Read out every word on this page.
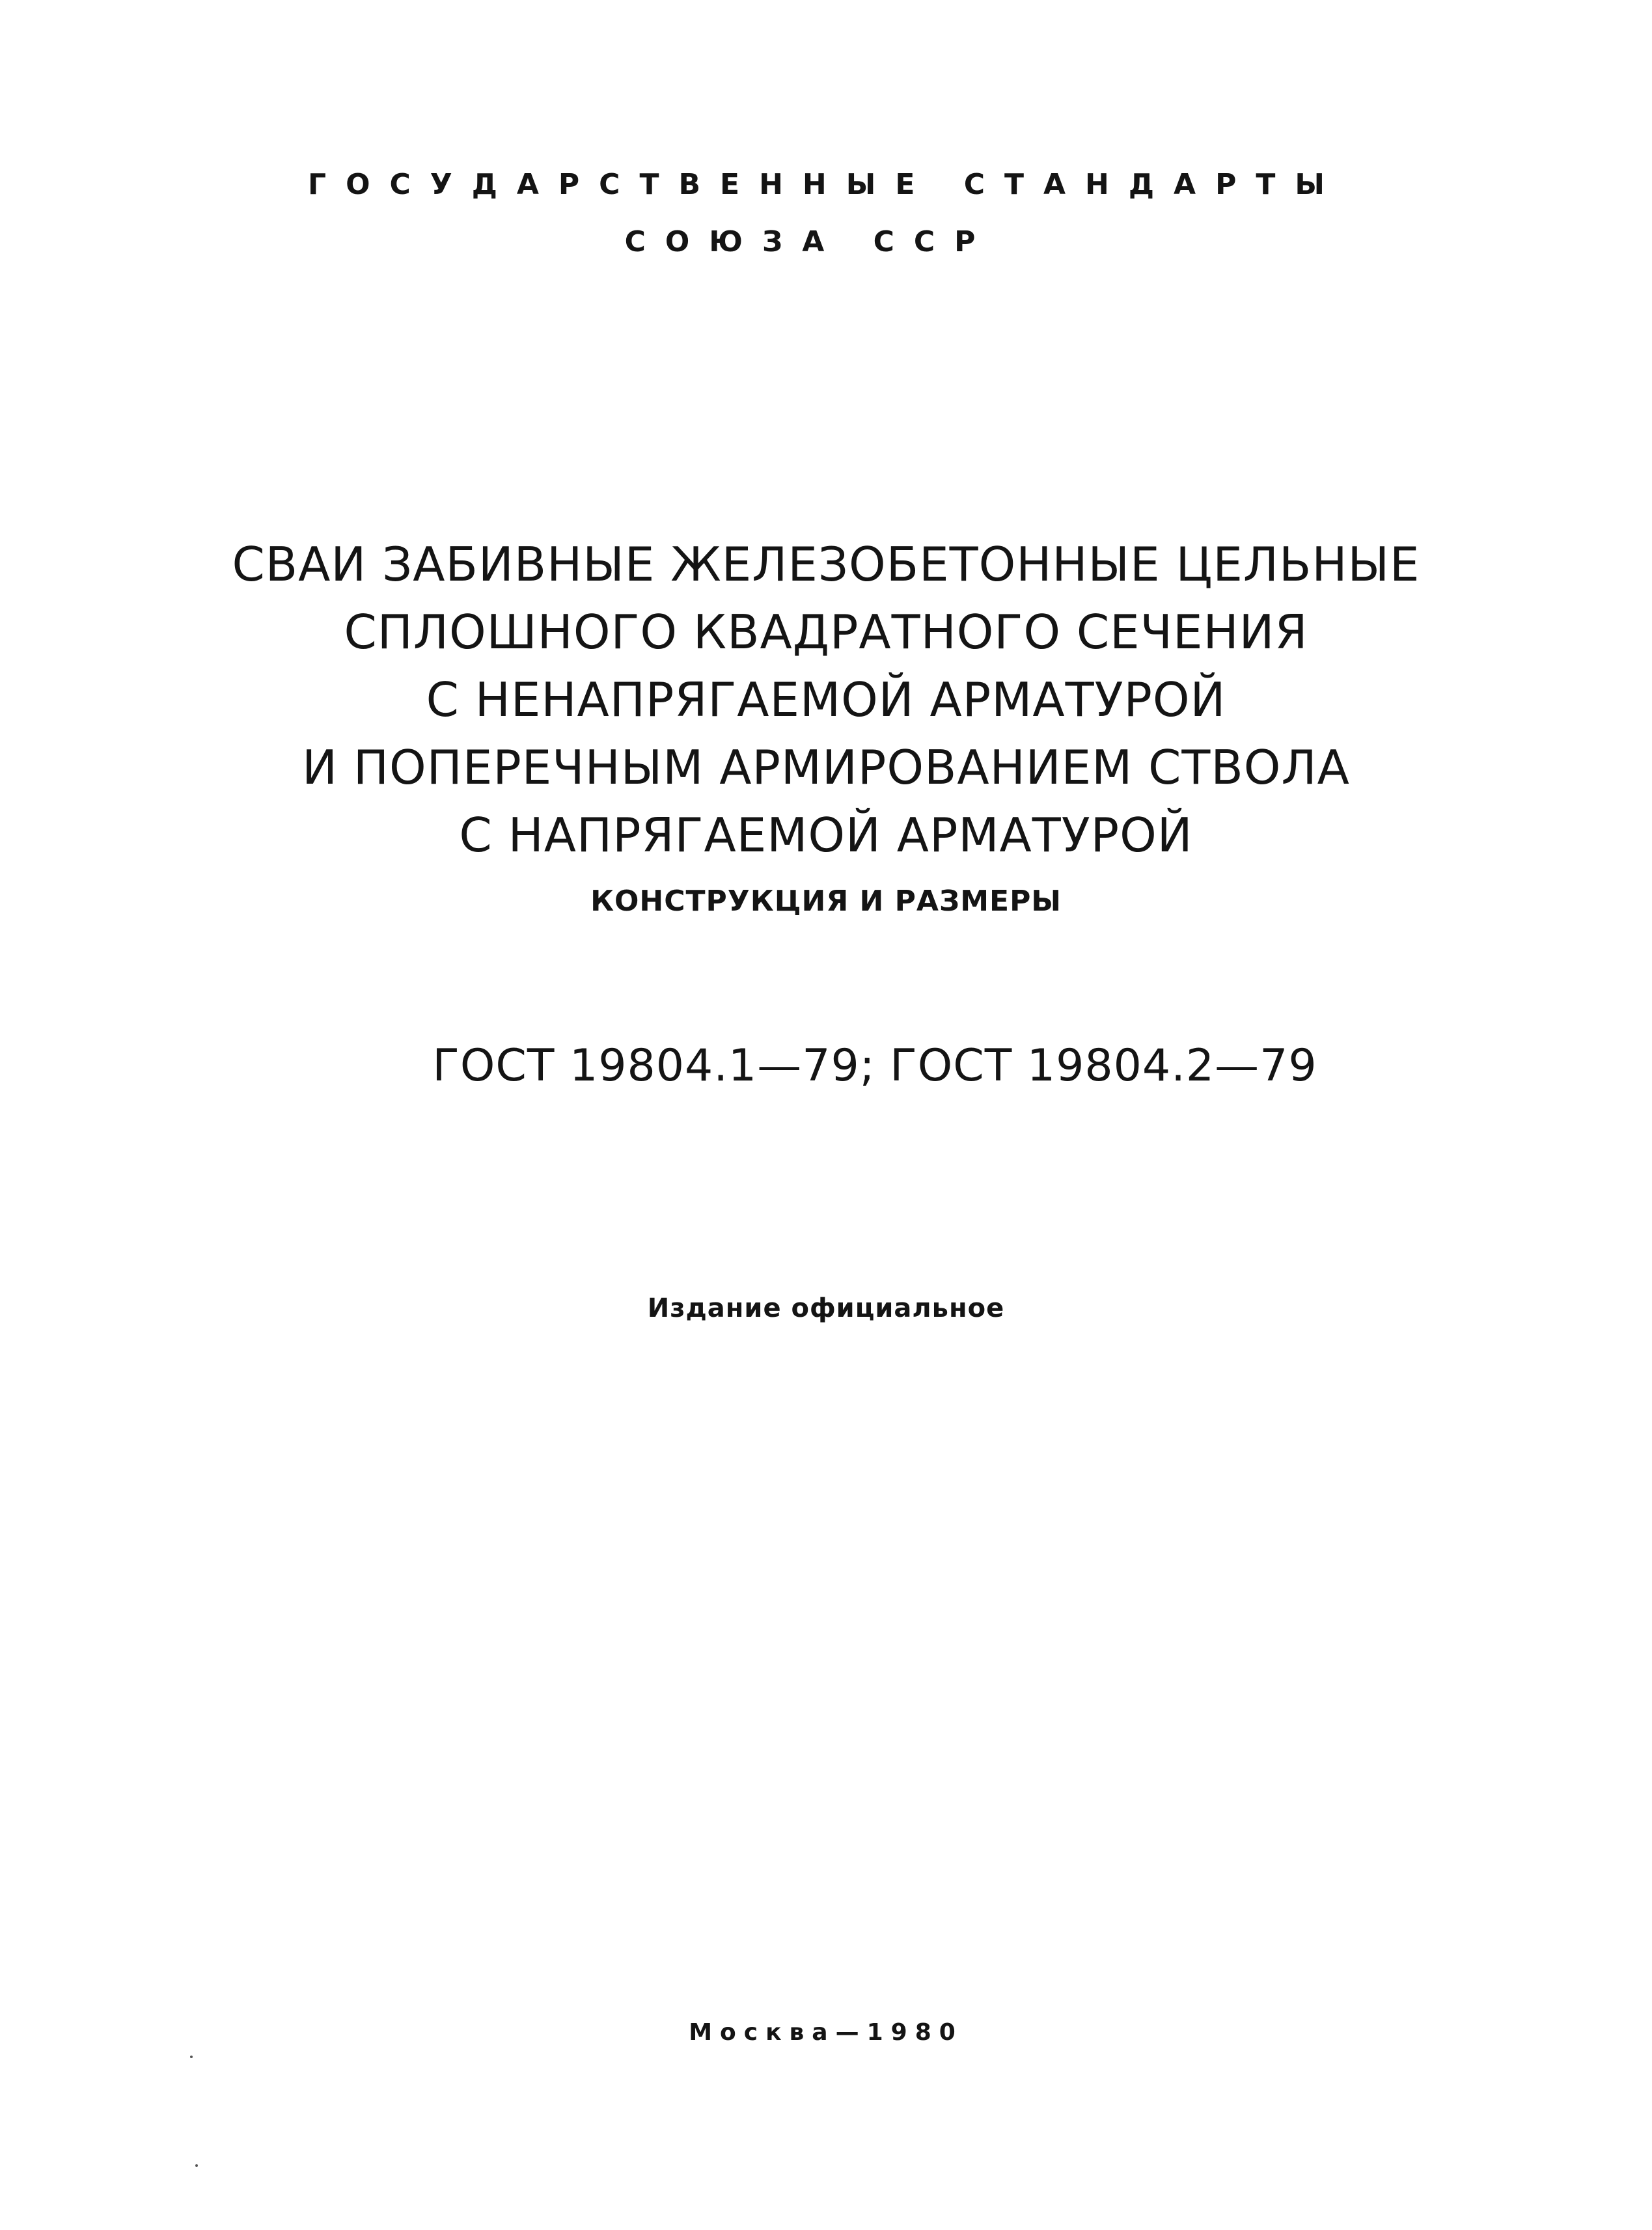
ГОСУДАРСТВЕННЫЕ СТАНДАРТЫ
СОЮЗА ССР
СВАИ ЗАБИВНЫЕ ЖЕЛЕЗОБЕТОННЫЕ ЦЕЛЬНЫЕ
СПЛОШНОГО КВАДРАТНОГО СЕЧЕНИЯ
С НЕНАПРЯГАЕМОЙ АРМАТУРОЙ
И ПОПЕРЕЧНЫМ АРМИРОВАНИЕМ СТВОЛА
С НАПРЯГАЕМОЙ АРМАТУРОЙ
КОНСТРУКЦИЯ И РАЗМЕРЫ
ГОСТ 19804.1—79; ГОСТ 19804.2—79
Издание официальное
Москва—1980
